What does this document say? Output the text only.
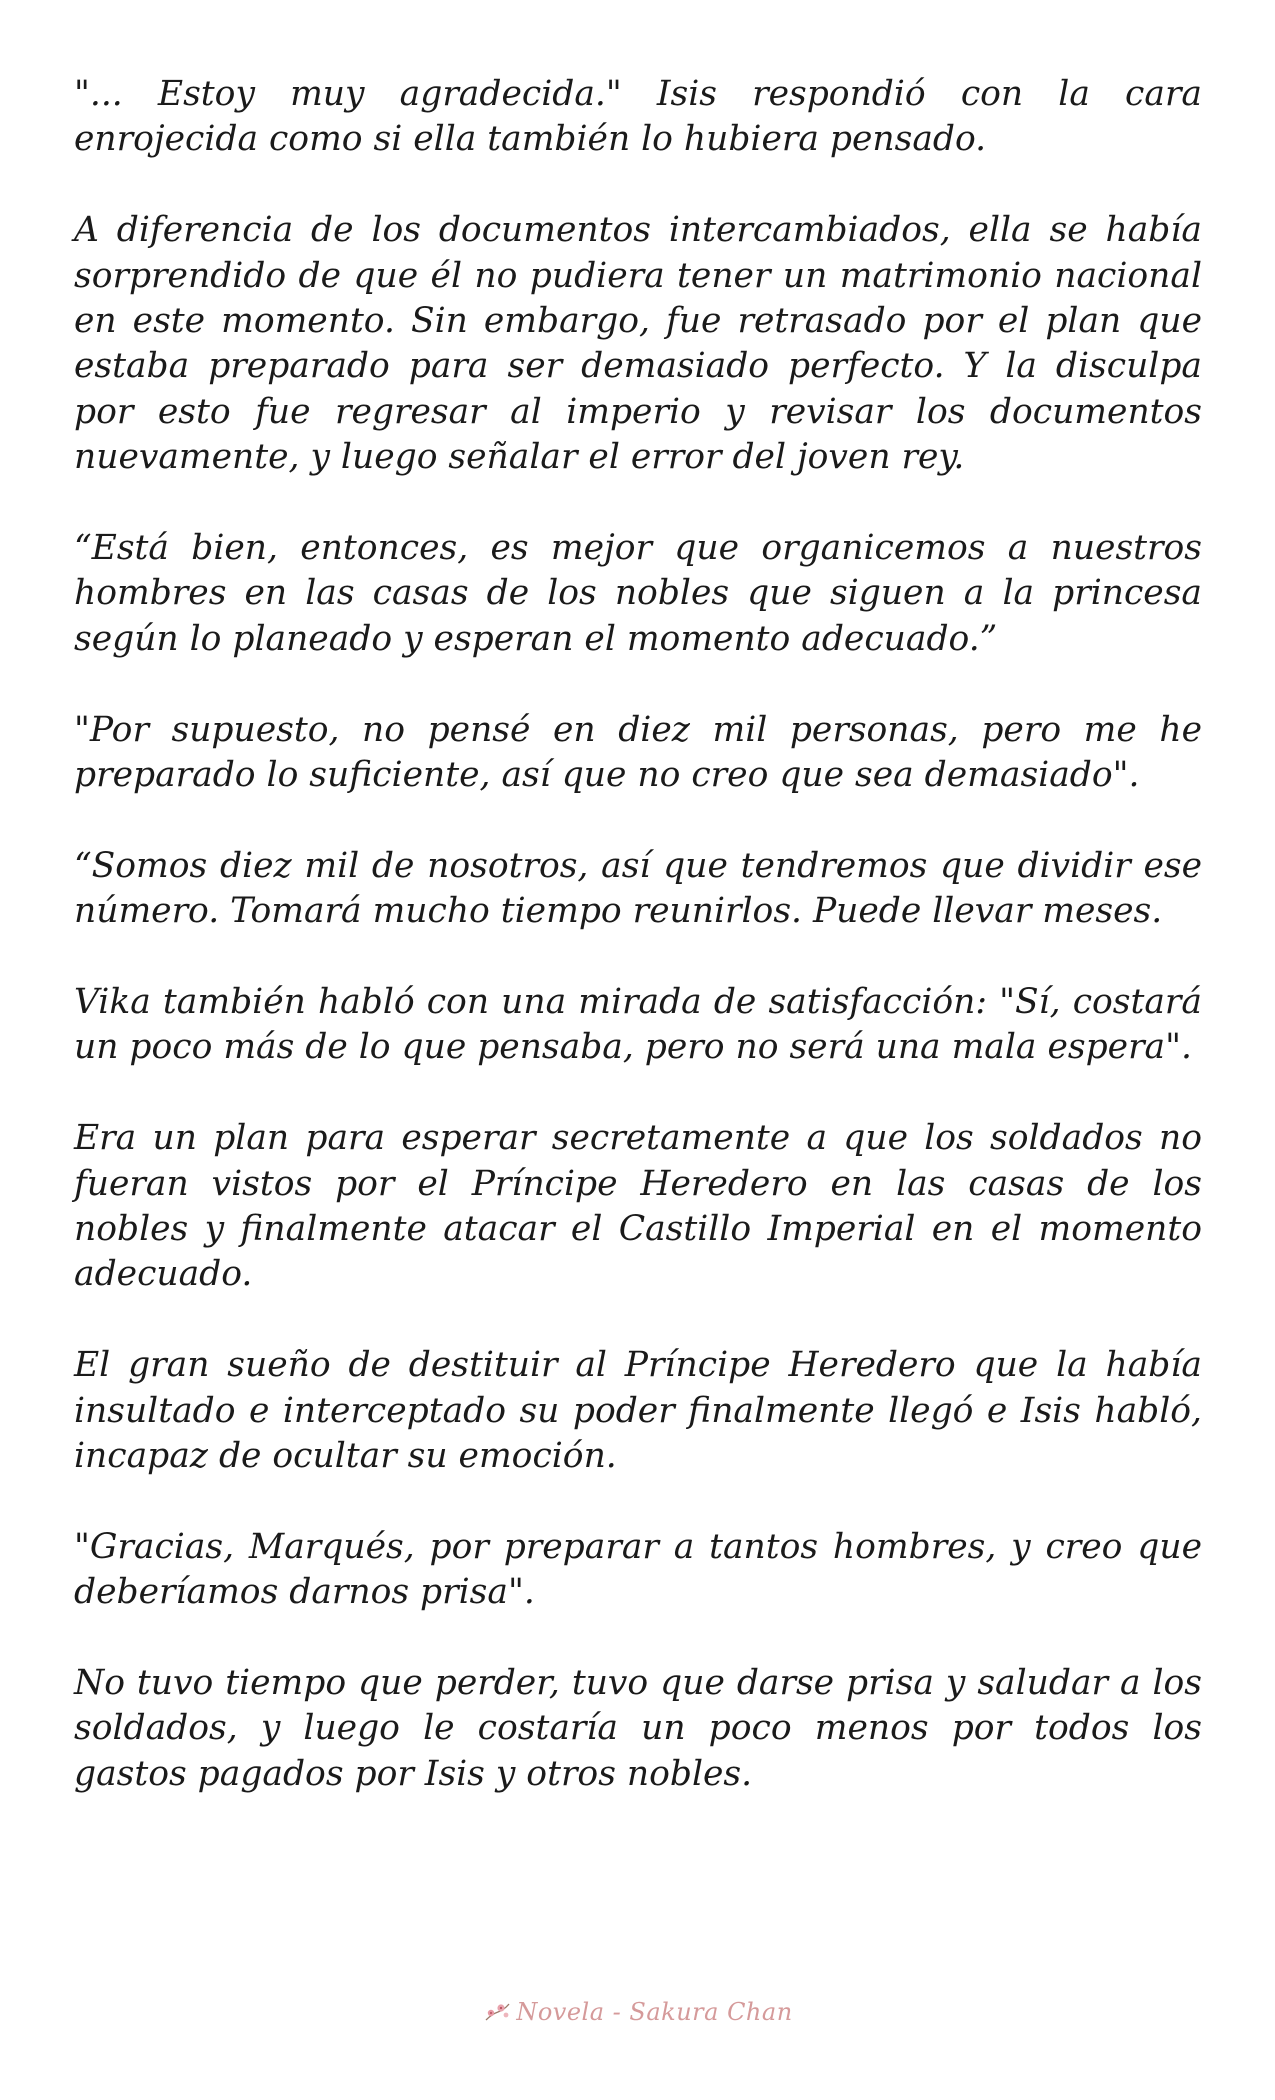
"... Estoy muy agradecida." Isis respondió con la cara enrojecida como si ella también lo hubiera pensado.

A diferencia de los documentos intercambiados, ella se había sorprendido de que él no pudiera tener un matrimonio nacional en este momento. Sin embargo, fue retrasado por el plan que estaba preparado para ser demasiado perfecto. Y la disculpa por esto fue regresar al imperio y revisar los documentos nuevamente, y luego señalar el error del joven rey.

“Está bien, entonces, es mejor que organicemos a nuestros hombres en las casas de los nobles que siguen a la princesa según lo planeado y esperan el momento adecuado.”

"Por supuesto, no pensé en diez mil personas, pero me he preparado lo suficiente, así que no creo que sea demasiado".

“Somos diez mil de nosotros, así que tendremos que dividir ese número. Tomará mucho tiempo reunirlos. Puede llevar meses.

Vika también habló con una mirada de satisfacción: "Sí, costará un poco más de lo que pensaba, pero no será una mala espera".

Era un plan para esperar secretamente a que los soldados no fueran vistos por el Príncipe Heredero en las casas de los nobles y finalmente atacar el Castillo Imperial en el momento adecuado.

El gran sueño de destituir al Príncipe Heredero que la había insultado e interceptado su poder finalmente llegó e Isis habló, incapaz de ocultar su emoción.

"Gracias, Marqués, por preparar a tantos hombres, y creo que deberíamos darnos prisa".

No tuvo tiempo que perder, tuvo que darse prisa y saludar a los soldados, y luego le costaría un poco menos por todos los gastos pagados por Isis y otros nobles.

Novela - Sakura Chan
